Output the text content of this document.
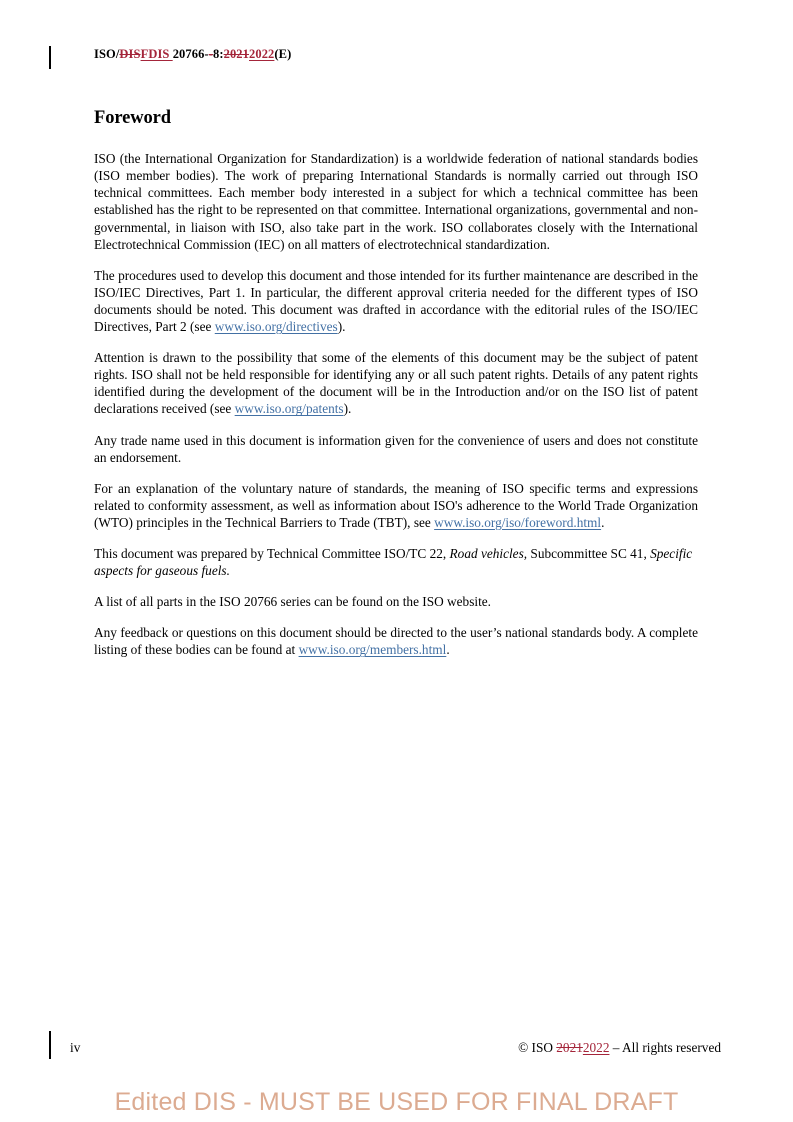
ISO/DISFDIS 20766--8:20212022(E)
Foreword

ISO (the International Organization for Standardization) is a worldwide federation of national standards bodies (ISO member bodies). The work of preparing International Standards is normally carried out through ISO technical committees. Each member body interested in a subject for which a technical committee has been established has the right to be represented on that committee. International organizations, governmental and non-governmental, in liaison with ISO, also take part in the work. ISO collaborates closely with the International Electrotechnical Commission (IEC) on all matters of electrotechnical standardization.

The procedures used to develop this document and those intended for its further maintenance are described in the ISO/IEC Directives, Part 1. In particular, the different approval criteria needed for the different types of ISO documents should be noted. This document was drafted in accordance with the editorial rules of the ISO/IEC Directives, Part 2 (see www.iso.org/directives).

Attention is drawn to the possibility that some of the elements of this document may be the subject of patent rights. ISO shall not be held responsible for identifying any or all such patent rights. Details of any patent rights identified during the development of the document will be in the Introduction and/or on the ISO list of patent declarations received (see www.iso.org/patents).

Any trade name used in this document is information given for the convenience of users and does not constitute an endorsement.

For an explanation of the voluntary nature of standards, the meaning of ISO specific terms and expressions related to conformity assessment, as well as information about ISO's adherence to the World Trade Organization (WTO) principles in the Technical Barriers to Trade (TBT), see www.iso.org/iso/foreword.html.

This document was prepared by Technical Committee ISO/TC 22, Road vehicles, Subcommittee SC 41, Specific aspects for gaseous fuels.

A list of all parts in the ISO 20766 series can be found on the ISO website.

Any feedback or questions on this document should be directed to the user’s national standards body. A complete listing of these bodies can be found at www.iso.org/members.html.

iv	© ISO 20212022 – All rights reserved
Edited DIS - MUST BE USED FOR FINAL DRAFT
